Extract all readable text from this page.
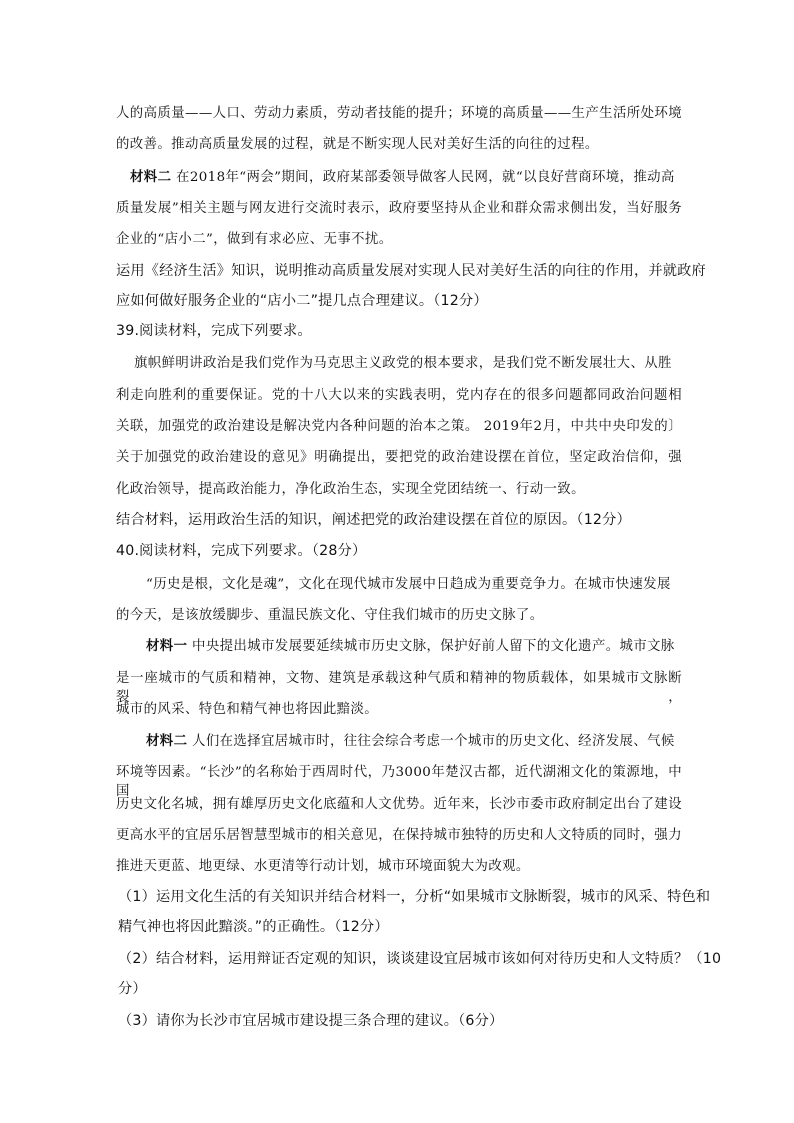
人的高质量——人口、劳动力素质，劳动者技能的提升；环境的高质量——生产生活所处环境
的改善。推动高质量发展的过程，就是不断实现人民对美好生活的向往的过程。
材料二 在2018年“两会”期间，政府某部委领导做客人民网，就“以良好营商环境，推动高
质量发展”相关主题与网友进行交流时表示，政府要坚持从企业和群众需求侧出发，当好服务
企业的“店小二”，做到有求必应、无事不扰。
运用《经济生活》知识，说明推动高质量发展对实现人民对美好生活的向往的作用，并就政府
应如何做好服务企业的“店小二”提几点合理建议。（12分）
39.阅读材料，完成下列要求。
旗帜鲜明讲政治是我们党作为马克思主义政党的根本要求，是我们党不断发展壮大、从胜
利走向胜利的重要保证。党的十八大以来的实践表明，党内存在的很多问题都同政治问题相
关联，加强党的政治建设是解决党内各种问题的治本之策。 2019年2月，中共中央印发的〕
关于加强党的政治建设的意见》明确提出，要把党的政治建设摆在首位，坚定政治信仰，强
化政治领导，提高政治能力，净化政治生态，实现全党团结统一、行动一致。
结合材料，运用政治生活的知识，阐述把党的政治建设摆在首位的原因。（12分）
40.阅读材料，完成下列要求。（28分）
“历史是根，文化是魂”，文化在现代城市发展中日趋成为重要竞争力。在城市快速发展
的今天，是该放缓脚步、重温民族文化、守住我们城市的历史文脉了。
材料一 中央提出城市发展要延续城市历史文脉，保护好前人留下的文化遗产。城市文脉
是一座城市的气质和精神，文物、建筑是承载这种气质和精神的物质载体，如果城市文脉断裂，
城市的风采、特色和精气神也将因此黯淡。
材料二 人们在选择宜居城市时，往往会综合考虑一个城市的历史文化、经济发展、气候
环境等因素。“长沙”的名称始于西周时代，乃3000年楚汉古都，近代湖湘文化的策源地，中国
历史文化名城，拥有雄厚历史文化底蕴和人文优势。近年来，长沙市委市政府制定出台了建设
更高水平的宜居乐居智慧型城市的相关意见，在保持城市独特的历史和人文特质的同时，强力
推进天更蓝、地更绿、水更清等行动计划，城市环境面貌大为改观。
（1）运用文化生活的有关知识并结合材料一，分析“如果城市文脉断裂，城市的风采、特色和
精气神也将因此黯淡。”的正确性。（12分）
（2）结合材料，运用辩证否定观的知识，谈谈建设宜居城市该如何对待历史和人文特质？（10
分）
（3）请你为长沙市宜居城市建设提三条合理的建议。（6分）
